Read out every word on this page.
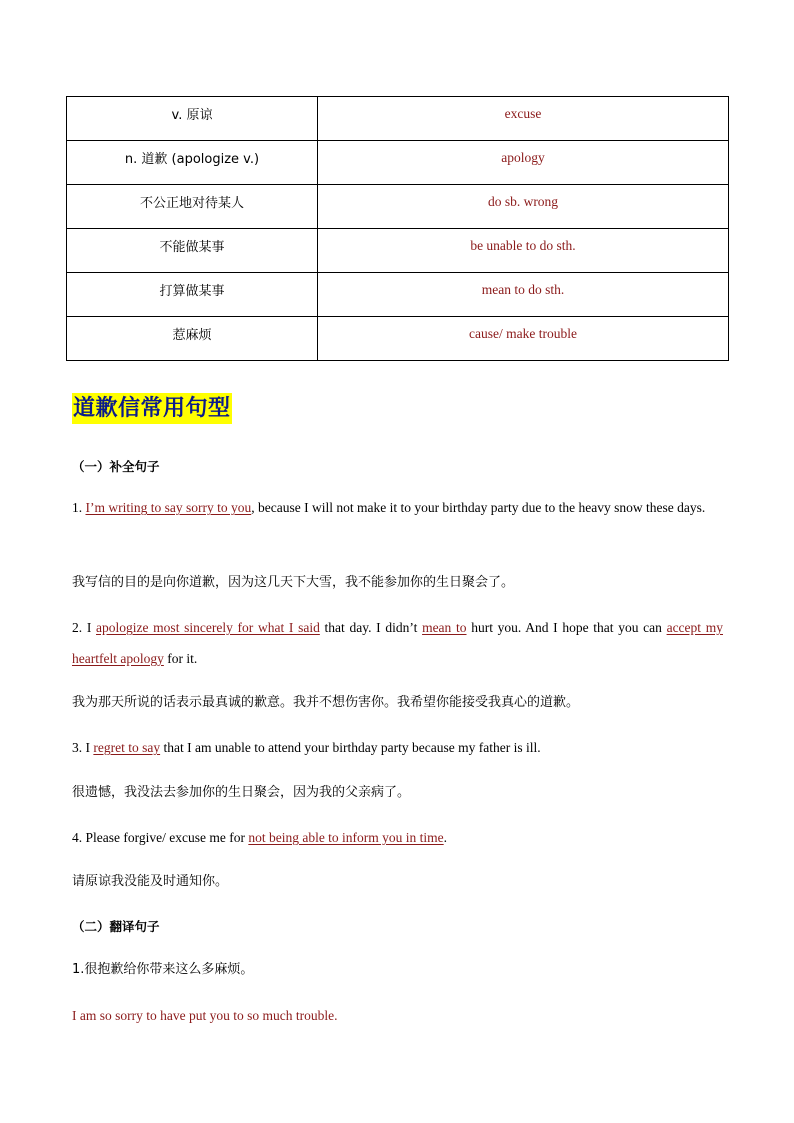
v. 原谅	excuse
n. 道歉 (apologize v.)	apology
不公正地对待某人	do sb. wrong
不能做某事	be unable to do sth.
打算做某事	mean to do sth.
惹麻烦	cause/ make trouble
道歉信常用句型
（一）补全句子
1. I’m writing to say sorry to you, because I will not make it to your birthday party due to the heavy snow these days.
我写信的目的是向你道歉，因为这几天下大雪，我不能参加你的生日聚会了。
2. I apologize most sincerely for what I said that day. I didn’t mean to hurt you. And I hope that you can accept my heartfelt apology for it.
我为那天所说的话表示最真诚的歉意。我并不想伤害你。我希望你能接受我真心的道歉。
3. I regret to say that I am unable to attend your birthday party because my father is ill.
很遗憾，我没法去参加你的生日聚会，因为我的父亲病了。
4. Please forgive/ excuse me for not being able to inform you in time.
请原谅我没能及时通知你。
（二）翻译句子
1.很抱歉给你带来这么多麻烦。
I am so sorry to have put you to so much trouble.
